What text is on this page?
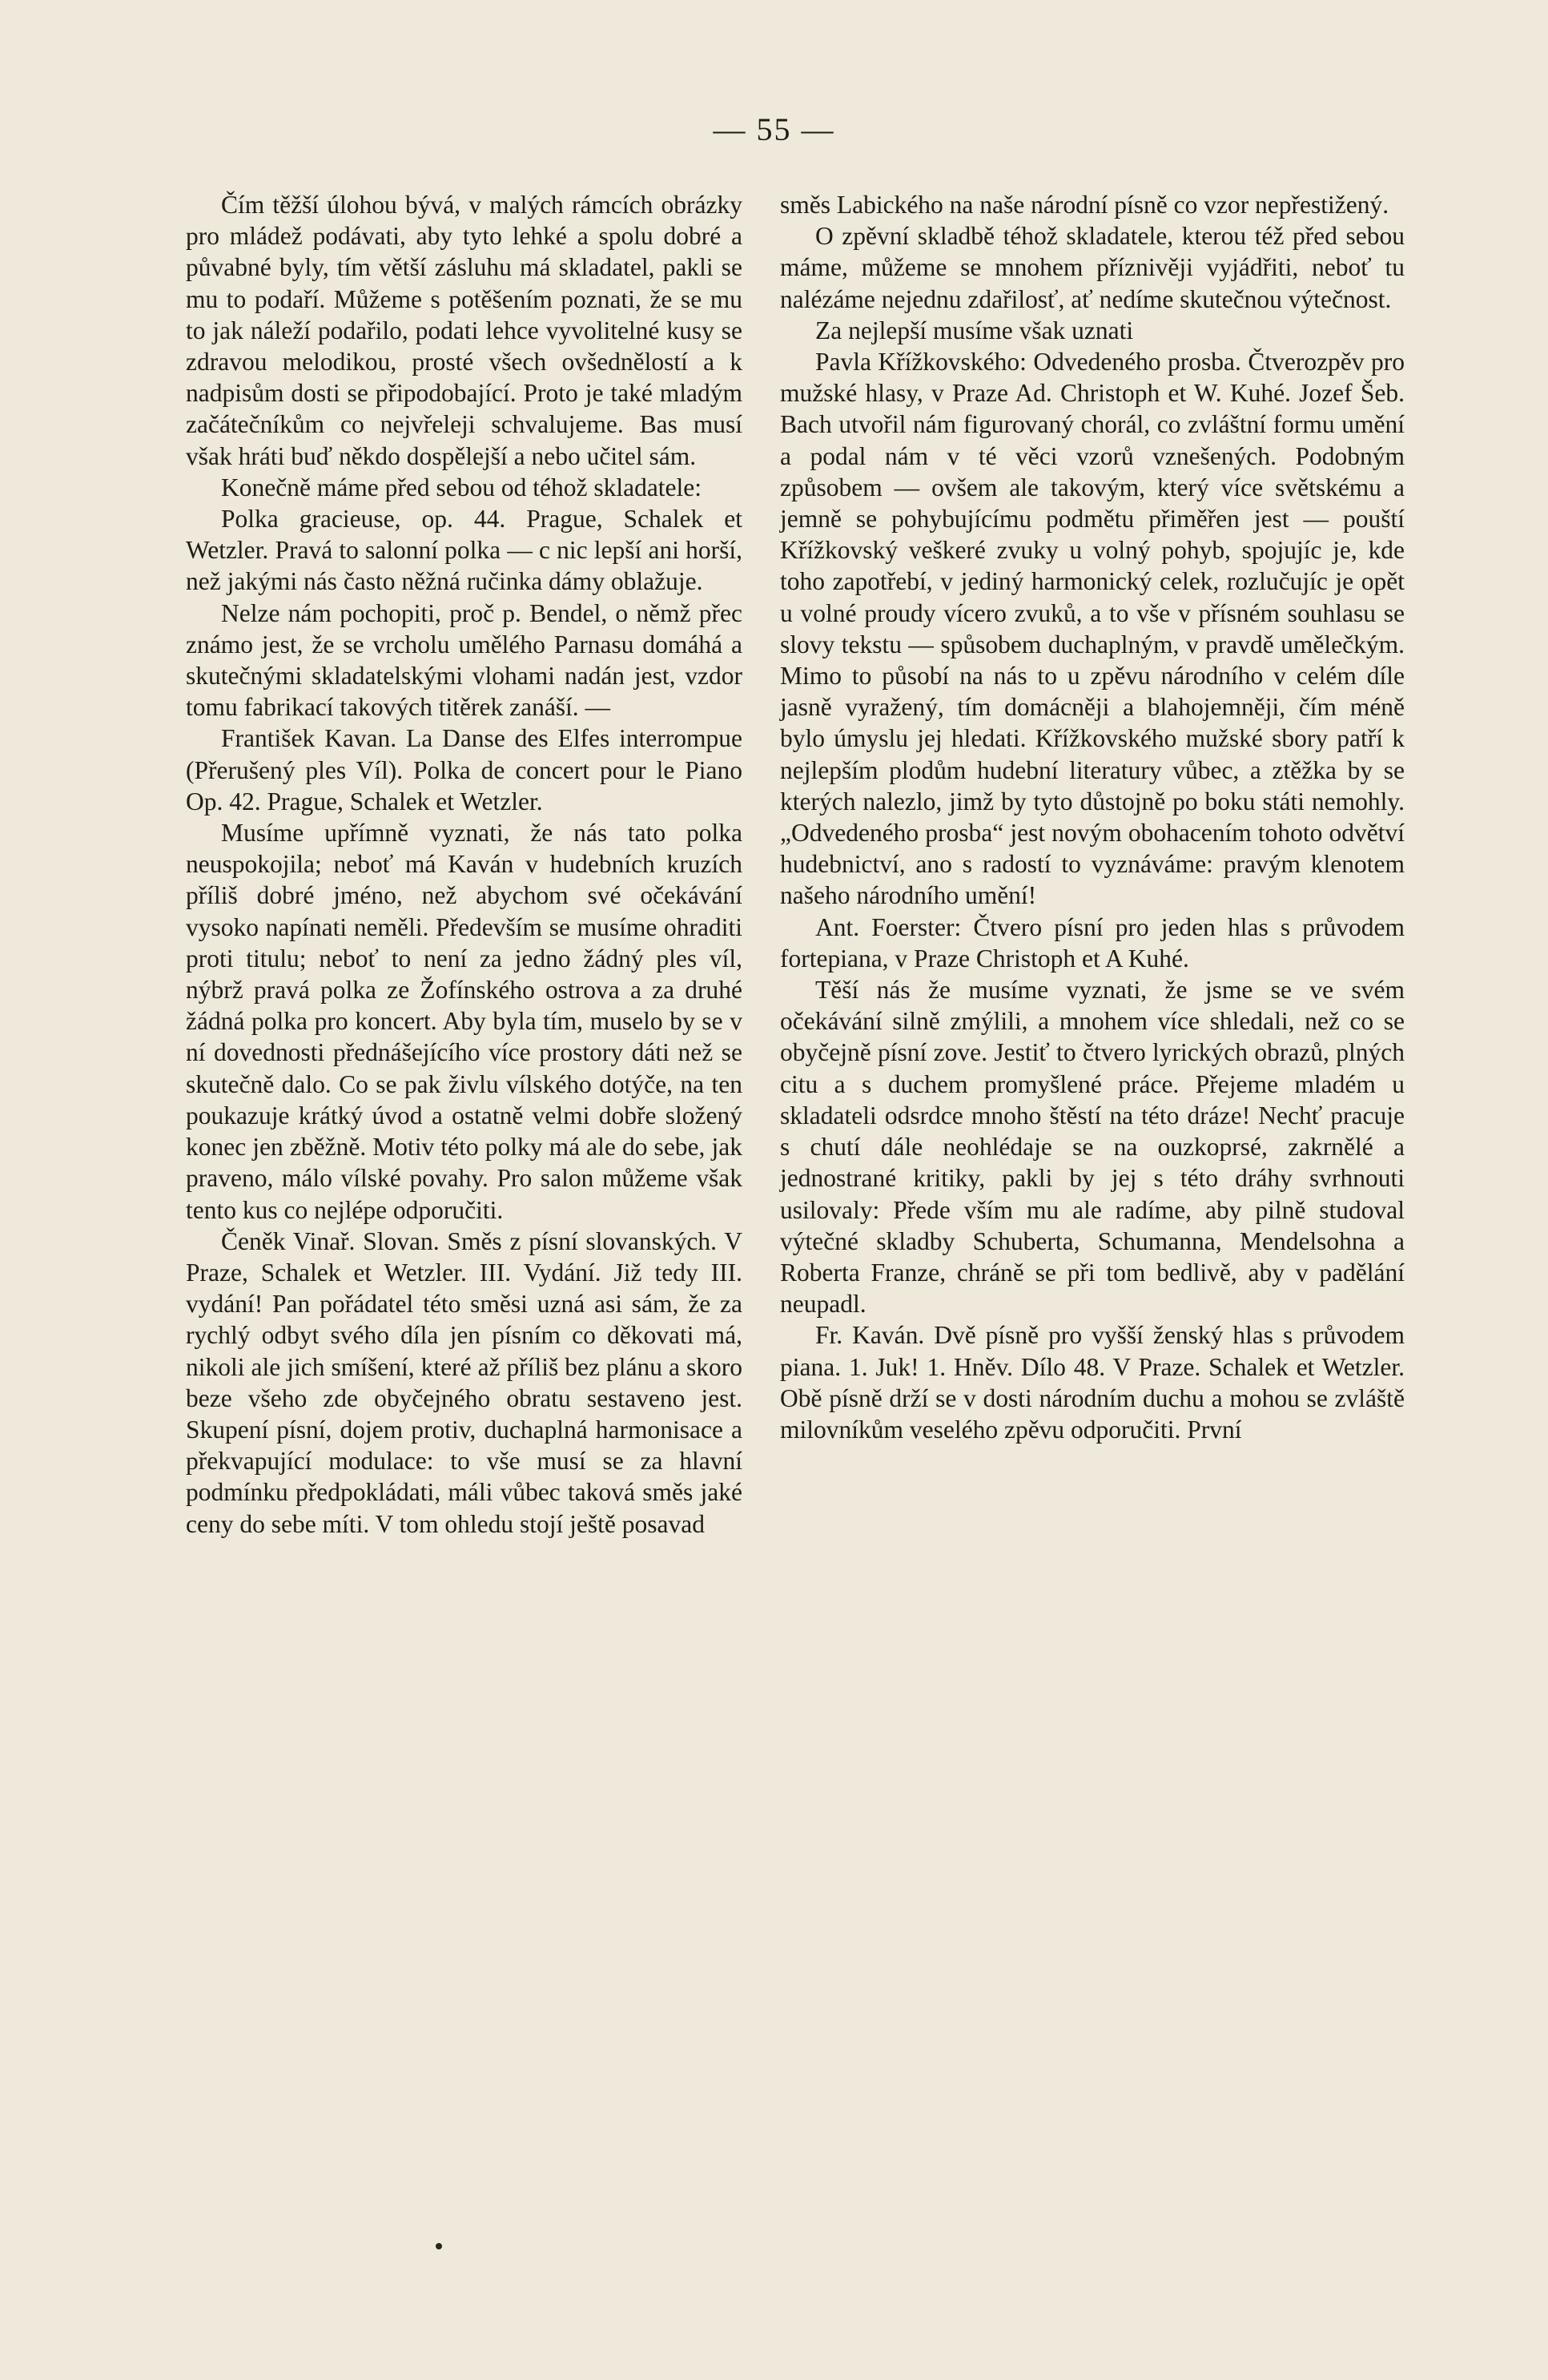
— 55 —

Čím těžší úlohou bývá, v malých rámcích obrázky pro mládež podávati, aby tyto lehké a spolu dobré a půvabné byly, tím větší zásluhu má skladatel, pakli se mu to podaří. Můžeme s potěšením poznati, že se mu to jak náleží podařilo, podati lehce vyvolitelné kusy se zdravou melodikou, prosté všech ovšednělostí a k nadpisům dosti se připodobající. Proto je také mladým začátečníkům co nejvřeleji schvalujeme. Bas musí však hráti buď někdo dospělejší a nebo učitel sám.

Konečně máme před sebou od téhož skladatele:

Polka gracieuse, op. 44. Prague, Schalek et Wetzler. Pravá to salonní polka — c nic lepší ani horší, než jakými nás často něžná ručinka dámy oblažuje.

Nelze nám pochopiti, proč p. Bendel, o němž přec známo jest, že se vrcholu umělého Parnasu domáhá a skutečnými skladatelskými vlohami nadán jest, vzdor tomu fabrikací takových titěrek zanáší. —

František Kavan. La Danse des Elfes interrompue (Přerušený ples Víl). Polka de concert pour le Piano Op. 42. Prague, Schalek et Wetzler.

Musíme upřímně vyznati, že nás tato polka neuspokojila; neboť má Kaván v hudebních kruzích příliš dobré jméno, než abychom své očekávání vysoko napínati neměli. Především se musíme ohraditi proti titulu; neboť to není za jedno žádný ples víl, nýbrž pravá polka ze Žofínského ostrova a za druhé žádná polka pro koncert. Aby byla tím, muselo by se v ní dovednosti přednášejícího více prostory dáti než se skutečně dalo. Co se pak živlu vílského dotýče, na ten poukazuje krátký úvod a ostatně velmi dobře složený konec jen zběžně. Motiv této polky má ale do sebe, jak praveno, málo vílské povahy. Pro salon můžeme však tento kus co nejlépe odporučiti.

Čeněk Vinař. Slovan. Směs z písní slovanských. V Praze, Schalek et Wetzler. III. Vydání. Již tedy III. vydání! Pan pořádatel této směsi uzná asi sám, že za rychlý odbyt svého díla jen písním co děkovati má, nikoli ale jich smíšení, které až příliš bez plánu a skoro beze všeho zde obyčejného obratu sestaveno jest. Skupení písní, dojem protiv, duchaplná harmonisace a překvapující modulace: to vše musí se za hlavní podmínku předpokládati, máli vůbec taková směs jaké ceny do sebe míti. V tom ohledu stojí ještě posavad

směs Labického na naše národní písně co vzor nepřestižený.

O zpěvní skladbě téhož skladatele, kterou též před sebou máme, můžeme se mnohem příznivěji vyjádřiti, neboť tu nalézáme nejednu zdařilosť, ať nedíme skutečnou výtečnost.

Za nejlepší musíme však uznati

Pavla Křížkovského: Odvedeného prosba. Čtverozpěv pro mužské hlasy, v Praze Ad. Christoph et W. Kuhé. Jozef Šeb. Bach utvořil nám figurovaný chorál, co zvláštní formu umění a podal nám v té věci vzorů vznešených. Podobným způsobem — ovšem ale takovým, který více světskému a jemně se pohybujícímu podmětu přiměřen jest — pouští Křížkovský veškeré zvuky u volný pohyb, spojujíc je, kde toho zapotřebí, v jediný harmonický celek, rozlučujíc je opět u volné proudy vícero zvuků, a to vše v přísném souhlasu se slovy tekstu — spůsobem duchaplným, v pravdě umělečkým. Mimo to působí na nás to u zpěvu národního v celém díle jasně vyražený, tím domácněji a blahojemněji, čím méně bylo úmyslu jej hledati. Křížkovského mužské sbory patří k nejlepším plodům hudební literatury vůbec, a ztěžka by se kterých nalezlo, jimž by tyto důstojně po boku státi nemohly. „Odvedeného prosba“ jest novým obohacením tohoto odvětví hudebnictví, ano s radostí to vyznáváme: pravým klenotem našeho národního umění!

Ant. Foerster: Čtvero písní pro jeden hlas s průvodem fortepiana, v Praze Christoph et A Kuhé.

Těší nás že musíme vyznati, že jsme se ve svém očekávání silně zmýlili, a mnohem více shledali, než co se obyčejně písní zove. Jestiť to čtvero lyrických obrazů, plných citu a s duchem promyšlené práce. Přejeme mladém u skladateli odsrdce mnoho štěstí na této dráze! Nechť pracuje s chutí dále neohlédaje se na ouzkoprsé, zakrnělé a jednostrané kritiky, pakli by jej s této dráhy svrhnouti usilovaly: Přede vším mu ale radíme, aby pilně studoval výtečné skladby Schuberta, Schumanna, Mendelsohna a Roberta Franze, chráně se při tom bedlivě, aby v padělání neupadl.

Fr. Kaván. Dvě písně pro vyšší ženský hlas s průvodem piana. 1. Juk! 1. Hněv. Dílo 48. V Praze. Schalek et Wetzler. Obě písně drží se v dosti národním duchu a mohou se zvláště milovníkům veselého zpěvu odporučiti. První
